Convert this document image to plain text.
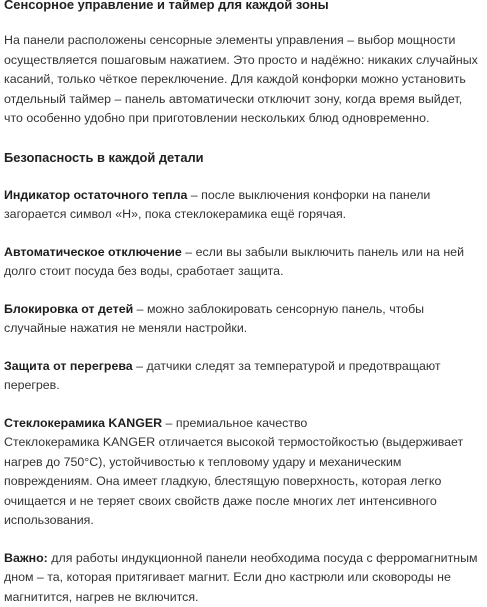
Сенсорное управление и таймер для каждой зоны

На панели расположены сенсорные элементы управления – выбор мощности осуществляется пошаговым нажатием. Это просто и надёжно: никаких случайных касаний, только чёткое переключение. Для каждой конфорки можно установить отдельный таймер – панель автоматически отключит зону, когда время выйдет, что особенно удобно при приготовлении нескольких блюд одновременно.

Безопасность в каждой детали

Индикатор остаточного тепла – после выключения конфорки на панели загорается символ «Н», пока стеклокерамика ещё горячая.

Автоматическое отключение – если вы забыли выключить панель или на ней долго стоит посуда без воды, сработает защита.

Блокировка от детей – можно заблокировать сенсорную панель, чтобы случайные нажатия не меняли настройки.

Защита от перегрева – датчики следят за температурой и предотвращают перегрев.

Стеклокерамика KANGER – премиальное качество

Стеклокерамика KANGER отличается высокой термостойкостью (выдерживает нагрев до 750°C), устойчивостью к тепловому удару и механическим повреждениям. Она имеет гладкую, блестящую поверхность, которая легко очищается и не теряет своих свойств даже после многих лет интенсивного использования.

Важно: для работы индукционной панели необходима посуда с ферромагнитным дном – та, которая притягивает магнит. Если дно кастрюли или сковороды не магнитится, нагрев не включится.
